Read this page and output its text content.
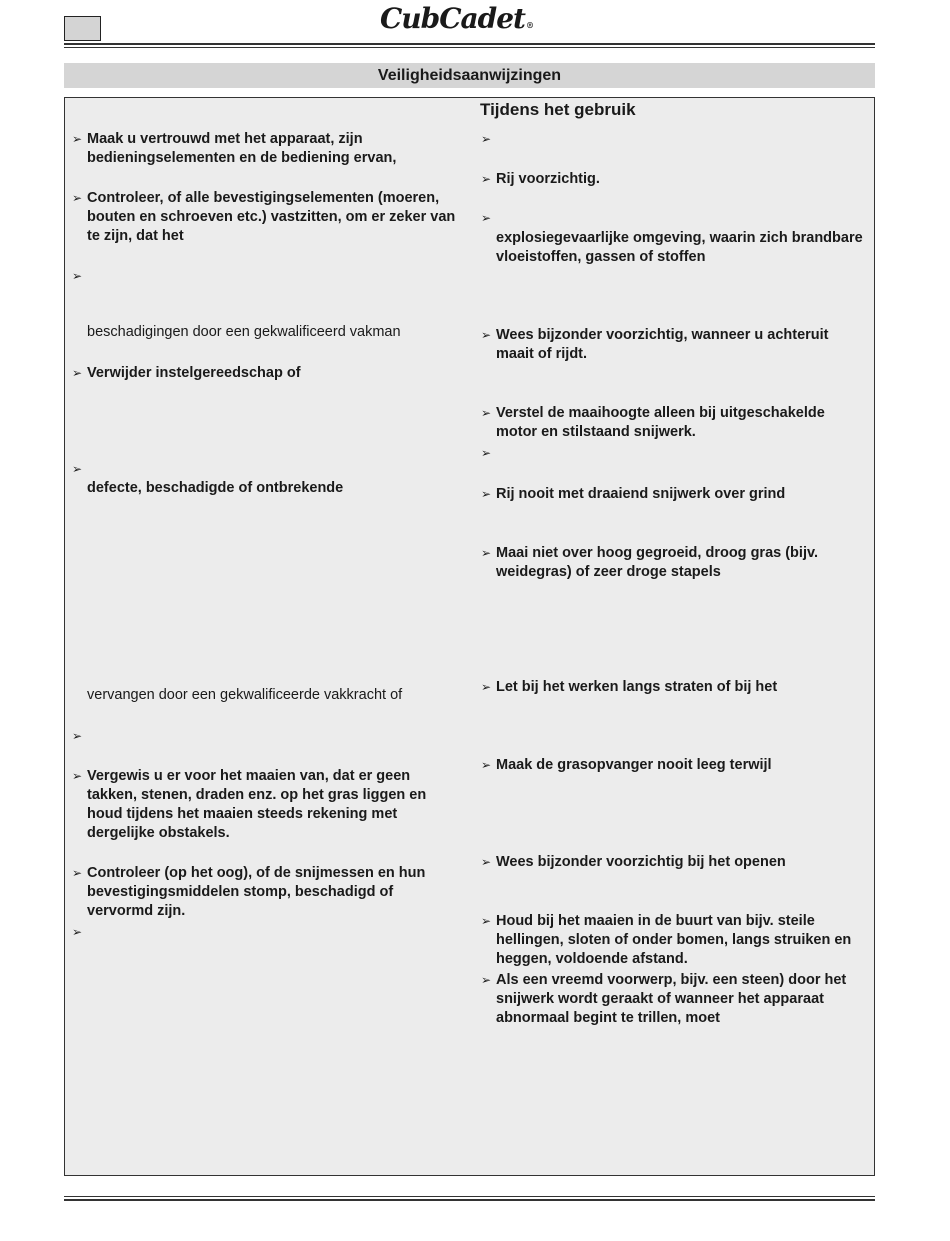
CubCadet®
Veiligheidsaanwijzingen
Tijdens het gebruik
➢ Maak u vertrouwd met het apparaat, zijn bedieningselementen en de bediening ervan,
➢ Controleer, of alle bevestigingselementen (moeren, bouten en schroeven etc.) vastzitten, om er zeker van te zijn, dat het
➢
beschadigingen door een gekwalificeerd vakman
➢ Verwijder instelgereedschap of
➢
defecte, beschadigde of ontbrekende
vervangen door een gekwalificeerde vakkracht of
➢
➢ Vergewis u er voor het maaien van, dat er geen takken, stenen, draden enz. op het gras liggen en houd tijdens het maaien steeds rekening met dergelijke obstakels.
➢ Controleer (op het oog), of de snijmessen en hun bevestigingsmiddelen stomp, beschadigd of vervormd zijn.
➢
➢
➢ Rij voorzichtig.
➢
explosiegevaarlijke omgeving, waarin zich brandbare vloeistoffen, gassen of stoffen
➢ Wees bijzonder voorzichtig, wanneer u achteruit maait of rijdt.
➢ Verstel de maaihoogte alleen bij uitgeschakelde motor en stilstaand snijwerk.
➢
➢ Rij nooit met draaiend snijwerk over grind
➢ Maai niet over hoog gegroeid, droog gras (bijv. weidegras) of zeer droge stapels
➢ Let bij het werken langs straten of bij het
➢ Maak de grasopvanger nooit leeg terwijl
➢ Wees bijzonder voorzichtig bij het openen
➢ Houd bij het maaien in de buurt van bijv. steile hellingen, sloten of onder bomen, langs struiken en heggen, voldoende afstand.
➢ Als een vreemd voorwerp, bijv. een steen) door het snijwerk wordt geraakt of wanneer het apparaat abnormaal begint te trillen, moet
